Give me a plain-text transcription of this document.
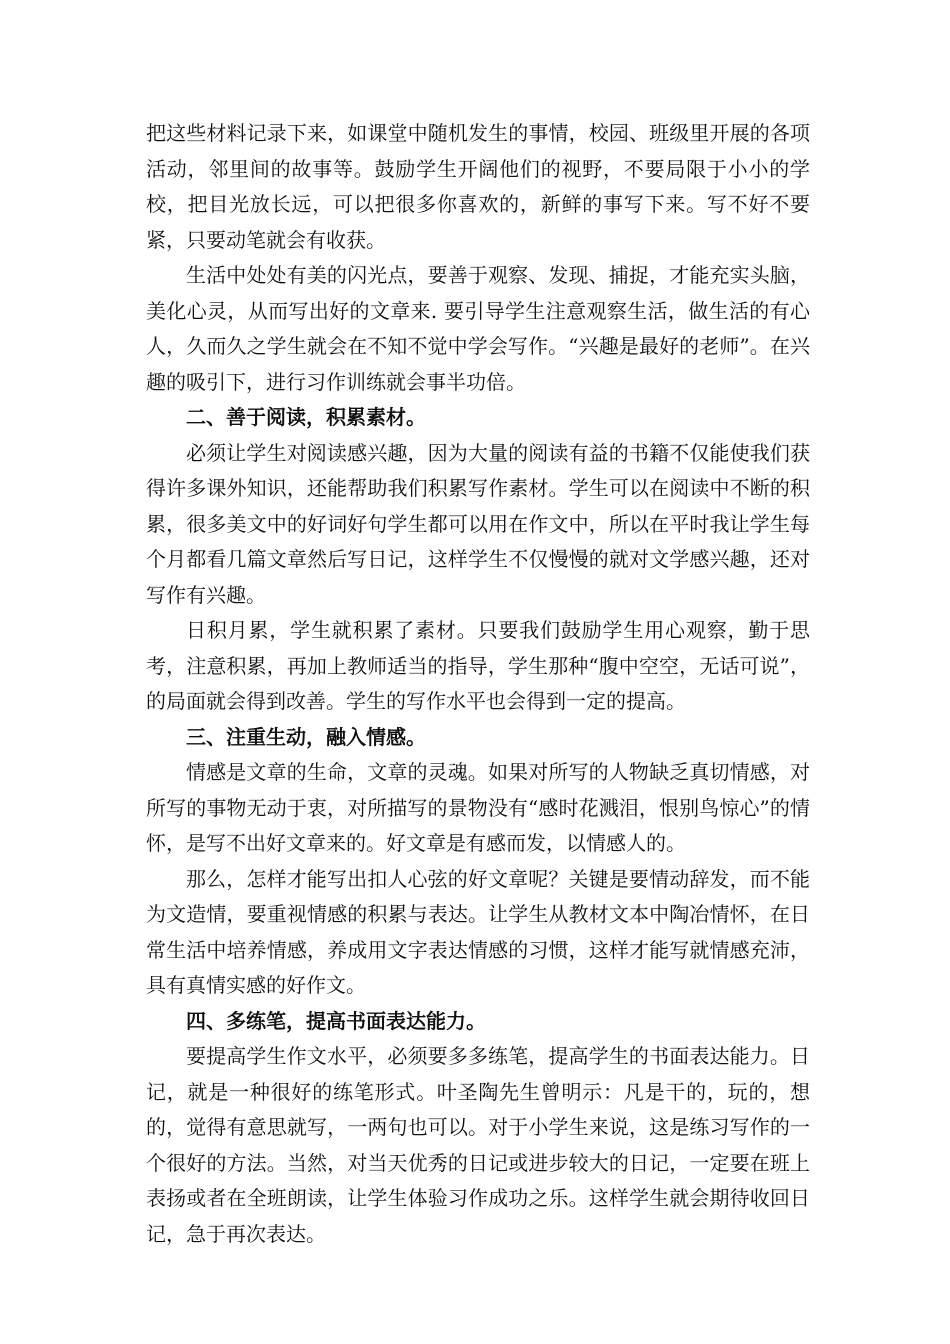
把这些材料记录下来，如课堂中随机发生的事情，校园、班级里开展的各项活动，邻里间的故事等。鼓励学生开阔他们的视野，不要局限于小小的学校，把目光放长远，可以把很多你喜欢的，新鲜的事写下来。写不好不要紧，只要动笔就会有收获。

生活中处处有美的闪光点，要善于观察、发现、捕捉，才能充实头脑，美化心灵，从而写出好的文章来. 要引导学生注意观察生活，做生活的有心人，久而久之学生就会在不知不觉中学会写作。“兴趣是最好的老师”。在兴趣的吸引下，进行习作训练就会事半功倍。

二、善于阅读，积累素材。

必须让学生对阅读感兴趣，因为大量的阅读有益的书籍不仅能使我们获得许多课外知识，还能帮助我们积累写作素材。学生可以在阅读中不断的积累，很多美文中的好词好句学生都可以用在作文中，所以在平时我让学生每个月都看几篇文章然后写日记，这样学生不仅慢慢的就对文学感兴趣，还对写作有兴趣。

日积月累，学生就积累了素材。只要我们鼓励学生用心观察，勤于思考，注意积累，再加上教师适当的指导，学生那种“腹中空空，无话可说”，的局面就会得到改善。学生的写作水平也会得到一定的提高。

三、注重生动，融入情感。

情感是文章的生命，文章的灵魂。如果对所写的人物缺乏真切情感，对所写的事物无动于衷，对所描写的景物没有“感时花溅泪，恨别鸟惊心”的情怀，是写不出好文章来的。好文章是有感而发，以情感人的。

那么，怎样才能写出扣人心弦的好文章呢？关键是要情动辞发，而不能为文造情，要重视情感的积累与表达。让学生从教材文本中陶冶情怀，在日常生活中培养情感，养成用文字表达情感的习惯，这样才能写就情感充沛，具有真情实感的好作文。

四、多练笔，提高书面表达能力。

要提高学生作文水平，必须要多多练笔，提高学生的书面表达能力。日记，就是一种很好的练笔形式。叶圣陶先生曾明示：凡是干的，玩的，想的，觉得有意思就写，一两句也可以。对于小学生来说，这是练习写作的一个很好的方法。当然，对当天优秀的日记或进步较大的日记，一定要在班上表扬或者在全班朗读，让学生体验习作成功之乐。这样学生就会期待收回日记，急于再次表达。
